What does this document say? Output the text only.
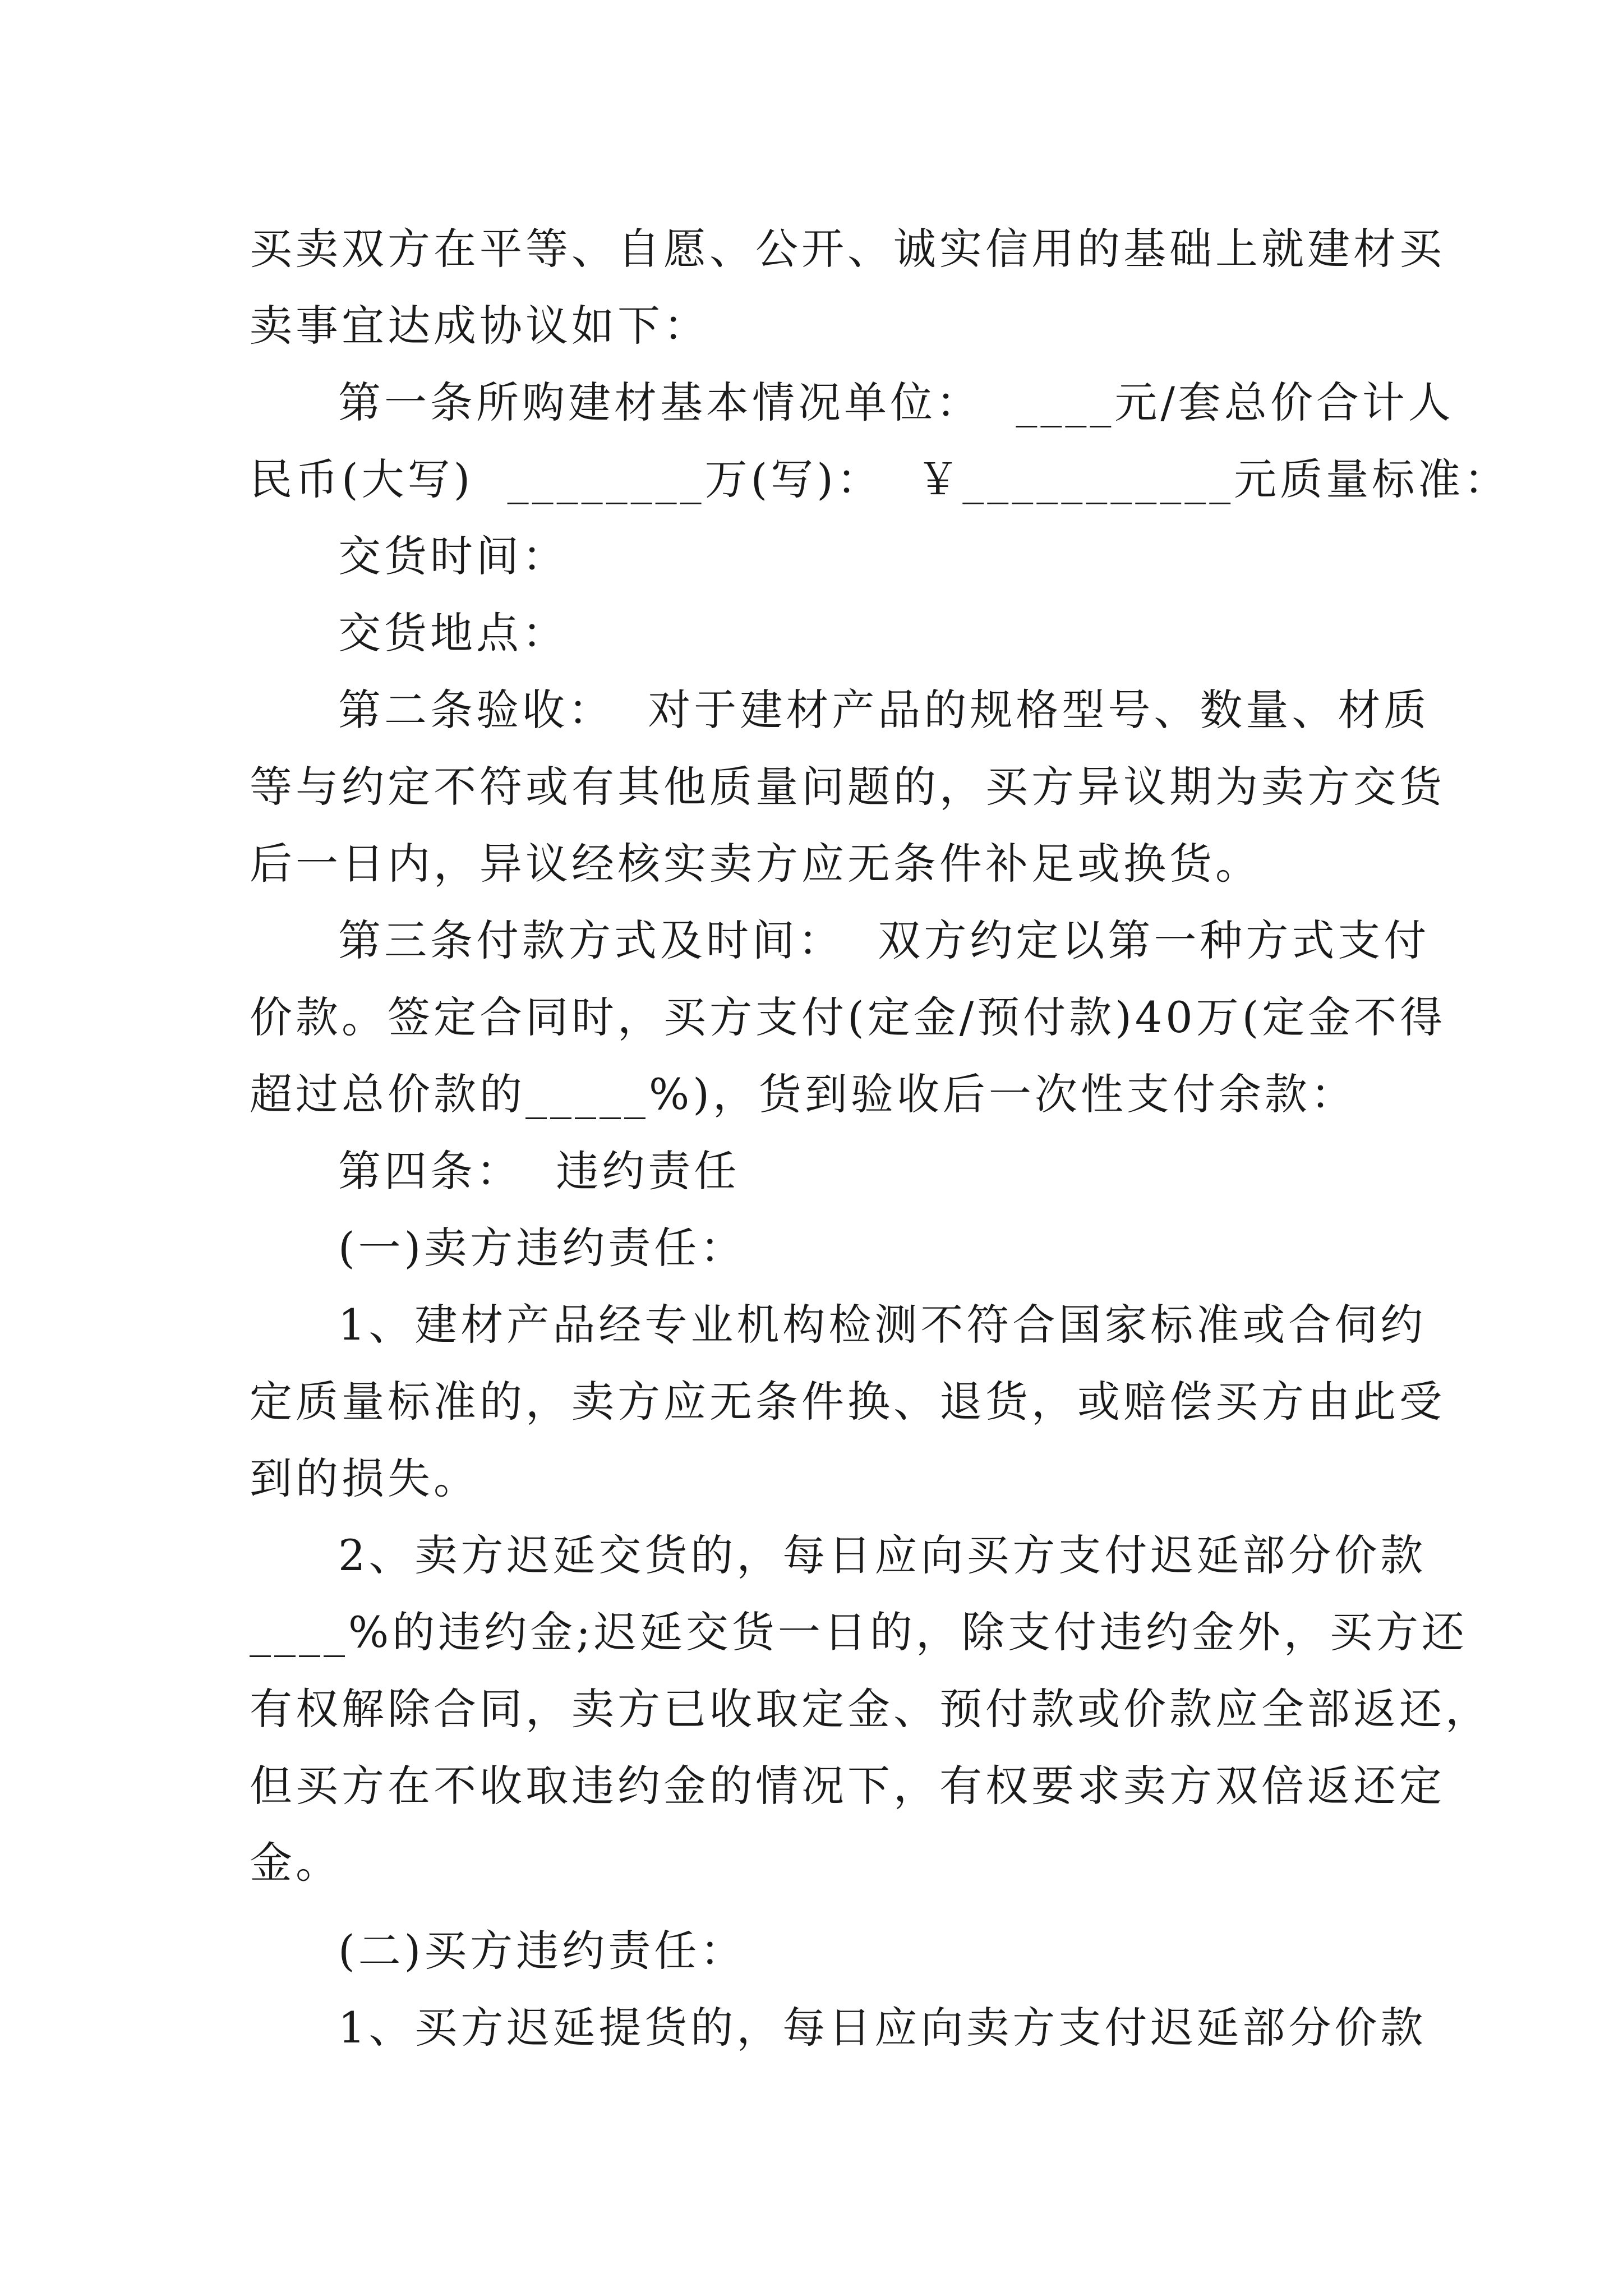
买卖双方在平等、自愿、公开、诚实信用的基础上就建材买
卖事宜达成协议如下：
第一条所购建材基本情况单位：  ____元/套总价合计人
民币(大写)  ________万(写)：  ￥___________元质量标准：
交货时间：
交货地点：
第二条验收：  对于建材产品的规格型号、数量、材质
等与约定不符或有其他质量问题的，买方异议期为卖方交货
后一日内，异议经核实卖方应无条件补足或换货。
第三条付款方式及时间：  双方约定以第一种方式支付
价款。签定合同时，买方支付(定金/预付款)40万(定金不得
超过总价款的_____%)，货到验收后一次性支付余款：
第四条：  违约责任
(一)卖方违约责任：
1、建材产品经专业机构检测不符合国家标准或合伺约
定质量标准的，卖方应无条件换、退货，或赔偿买方由此受
到的损失。
2、卖方迟延交货的，每日应向买方支付迟延部分价款
____%的违约金;迟延交货一日的，除支付违约金外，买方还
有权解除合同，卖方已收取定金、预付款或价款应全部返还，
但买方在不收取违约金的情况下，有权要求卖方双倍返还定
金。
(二)买方违约责任：
1、买方迟延提货的，每日应向卖方支付迟延部分价款
